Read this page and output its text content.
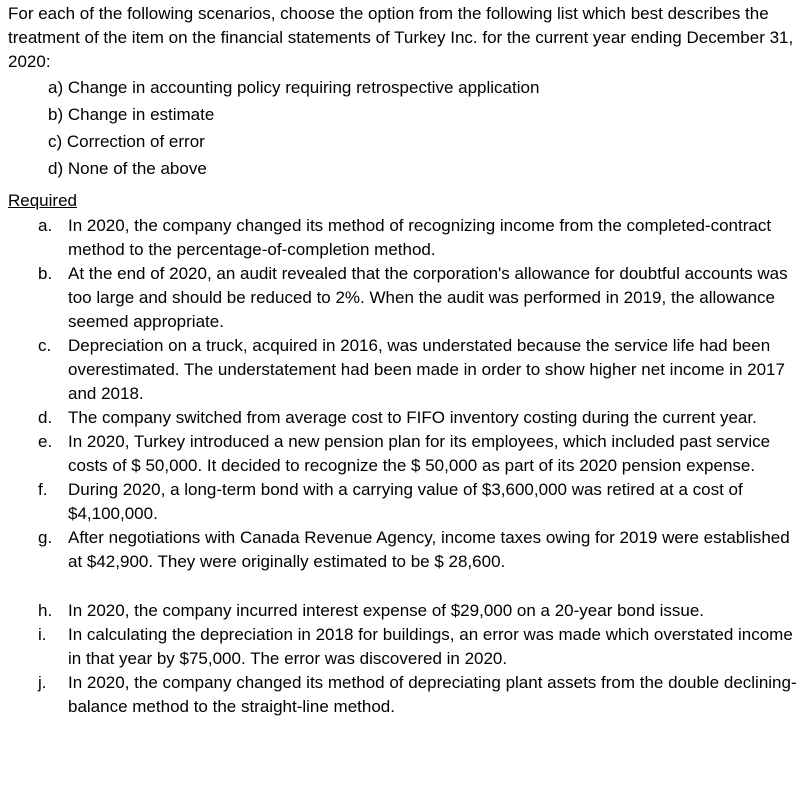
For each of the following scenarios, choose the option from the following list which best describes the treatment of the item on the financial statements of Turkey Inc. for the current year ending December 31, 2020:

a) Change in accounting policy requiring retrospective application
b) Change in estimate
c) Correction of error
d) None of the above
Required
a. In 2020, the company changed its method of recognizing income from the completed-contract method to the percentage-of-completion method.
b. At the end of 2020, an audit revealed that the corporation's allowance for doubtful accounts was too large and should be reduced to 2%. When the audit was performed in 2019, the allowance seemed appropriate.
c. Depreciation on a truck, acquired in 2016, was understated because the service life had been overestimated. The understatement had been made in order to show higher net income in 2017 and 2018.
d. The company switched from average cost to FIFO inventory costing during the current year.
e. In 2020, Turkey introduced a new pension plan for its employees, which included past service costs of $ 50,000. It decided to recognize the $ 50,000 as part of its 2020 pension expense.
f.	During 2020, a long-term bond with a carrying value of $3,600,000 was retired at a cost of $4,100,000.
g. After negotiations with Canada Revenue Agency, income taxes owing for 2019 were established at $42,900. They were originally estimated to be $ 28,600.
h. In 2020, the company incurred interest expense of $29,000 on a 20-year bond issue.
i.	In calculating the depreciation in 2018 for buildings, an error was made which overstated income in that year by $75,000. The error was discovered in 2020.
j.	In 2020, the company changed its method of depreciating plant assets from the double declining-balance method to the straight-line method.
